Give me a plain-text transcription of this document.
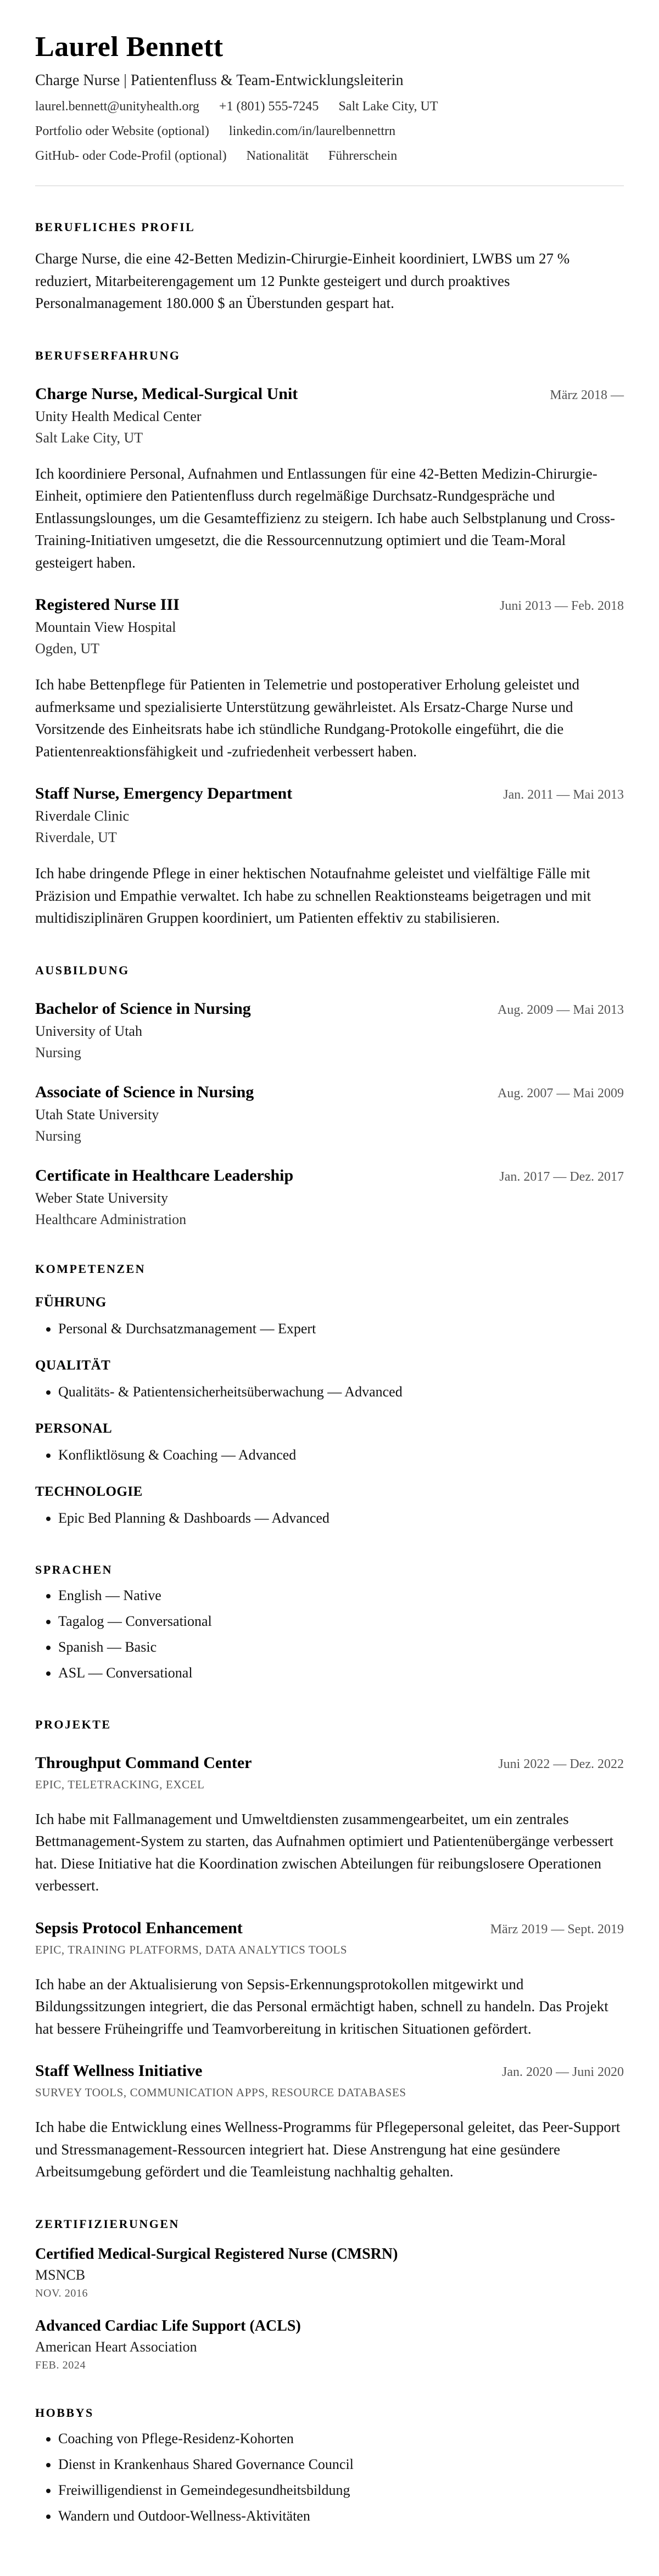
Laurel Bennett
Charge Nurse | Patientenfluss & Team-Entwicklungsleiterin
laurel.bennett@unityhealth.org +1 (801) 555-7245 Salt Lake City, UT
Portfolio oder Website (optional) linkedin.com/in/laurelbennettrn
GitHub- oder Code-Profil (optional) Nationalität Führerschein
BERUFLICHES PROFIL

Charge Nurse, die eine 42-Betten Medizin-Chirurgie-Einheit koordiniert, LWBS um 27 % reduziert, Mitarbeiterengagement um 12 Punkte gesteigert und durch proaktives Personalmanagement 180.000 $ an Überstunden gespart hat.

BERUFSERFAHRUNG
Charge Nurse, Medical-Surgical Unit	März 2018 —
Unity Health Medical Center
Salt Lake City, UT

Ich koordiniere Personal, Aufnahmen und Entlassungen für eine 42-Betten Medizin-Chirurgie-Einheit, optimiere den Patientenfluss durch regelmäßige Durchsatz-Rundgespräche und Entlassungslounges, um die Gesamteffizienz zu steigern. Ich habe auch Selbstplanung und Cross-Training-Initiativen umgesetzt, die die Ressourcennutzung optimiert und die Team-Moral gesteigert haben.

Registered Nurse III	Juni 2013 — Feb. 2018
Mountain View Hospital
Ogden, UT

Ich habe Bettenpflege für Patienten in Telemetrie und postoperativer Erholung geleistet und aufmerksame und spezialisierte Unterstützung gewährleistet. Als Ersatz-Charge Nurse und Vorsitzende des Einheitsrats habe ich stündliche Rundgang-Protokolle eingeführt, die die Patientenreaktionsfähigkeit und -zufriedenheit verbessert haben.

Staff Nurse, Emergency Department	Jan. 2011 — Mai 2013
Riverdale Clinic
Riverdale, UT

Ich habe dringende Pflege in einer hektischen Notaufnahme geleistet und vielfältige Fälle mit Präzision und Empathie verwaltet. Ich habe zu schnellen Reaktionsteams beigetragen und mit multidisziplinären Gruppen koordiniert, um Patienten effektiv zu stabilisieren.

AUSBILDUNG
Bachelor of Science in Nursing	Aug. 2009 — Mai 2013
University of Utah
Nursing
Associate of Science in Nursing	Aug. 2007 — Mai 2009
Utah State University
Nursing
Certificate in Healthcare Leadership	Jan. 2017 — Dez. 2017
Weber State University
Healthcare Administration
KOMPETENZEN
FÜHRUNG
• Personal & Durchsatzmanagement — Expert
QUALITÄT
• Qualitäts- & Patientensicherheitsüberwachung — Advanced
PERSONAL
• Konfliktlösung & Coaching — Advanced
TECHNOLOGIE
• Epic Bed Planning & Dashboards — Advanced
SPRACHEN
• English — Native
• Tagalog — Conversational
• Spanish — Basic
• ASL — Conversational
PROJEKTE
Throughput Command Center	Juni 2022 — Dez. 2022
EPIC, TELETRACKING, EXCEL

Ich habe mit Fallmanagement und Umweltdiensten zusammengearbeitet, um ein zentrales Bettmanagement-System zu starten, das Aufnahmen optimiert und Patientenübergänge verbessert hat. Diese Initiative hat die Koordination zwischen Abteilungen für reibungslosere Operationen verbessert.

Sepsis Protocol Enhancement	März 2019 — Sept. 2019
EPIC, TRAINING PLATFORMS, DATA ANALYTICS TOOLS

Ich habe an der Aktualisierung von Sepsis-Erkennungsprotokollen mitgewirkt und Bildungssitzungen integriert, die das Personal ermächtigt haben, schnell zu handeln. Das Projekt hat bessere Früheingriffe und Teamvorbereitung in kritischen Situationen gefördert.

Staff Wellness Initiative	Jan. 2020 — Juni 2020
SURVEY TOOLS, COMMUNICATION APPS, RESOURCE DATABASES

Ich habe die Entwicklung eines Wellness-Programms für Pflegepersonal geleitet, das Peer-Support und Stressmanagement-Ressourcen integriert hat. Diese Anstrengung hat eine gesündere Arbeitsumgebung gefördert und die Teamleistung nachhaltig gehalten.

ZERTIFIZIERUNGEN
Certified Medical-Surgical Registered Nurse (CMSRN)
MSNCB
NOV. 2016
Advanced Cardiac Life Support (ACLS)
American Heart Association
FEB. 2024
HOBBYS
• Coaching von Pflege-Residenz-Kohorten
• Dienst in Krankenhaus Shared Governance Council
• Freiwilligendienst in Gemeindegesundheitsbildung
• Wandern und Outdoor-Wellness-Aktivitäten
